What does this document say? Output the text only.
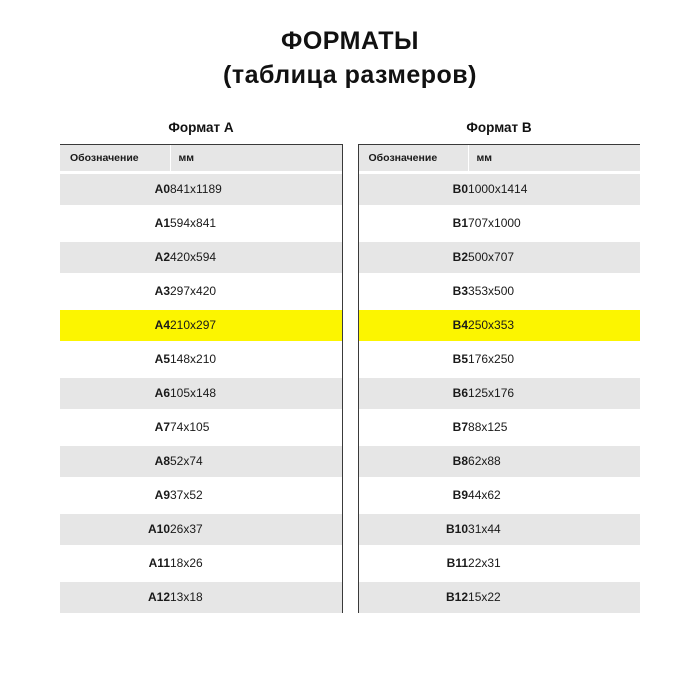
ФОРМАТЫ
(таблица размеров)
Формат А			Формат B	
Обозначение	мм		Обозначение	мм

A0	841x1189		B0	1000x1414

A1	594x841		B1	707x1000

A2	420x594		B2	500x707

A3	297x420		B3	353x500

A4	210x297		B4	250x353

A5	148x210		B5	176x250

A6	105x148		B6	125x176

A7	74x105		B7	88x125

A8	52x74		B8	62x88

A9	37x52		B9	44x62

A10	26x37		B10	31x44

A11	18x26		B11	22x31

A12	13x18		B12	15x22
